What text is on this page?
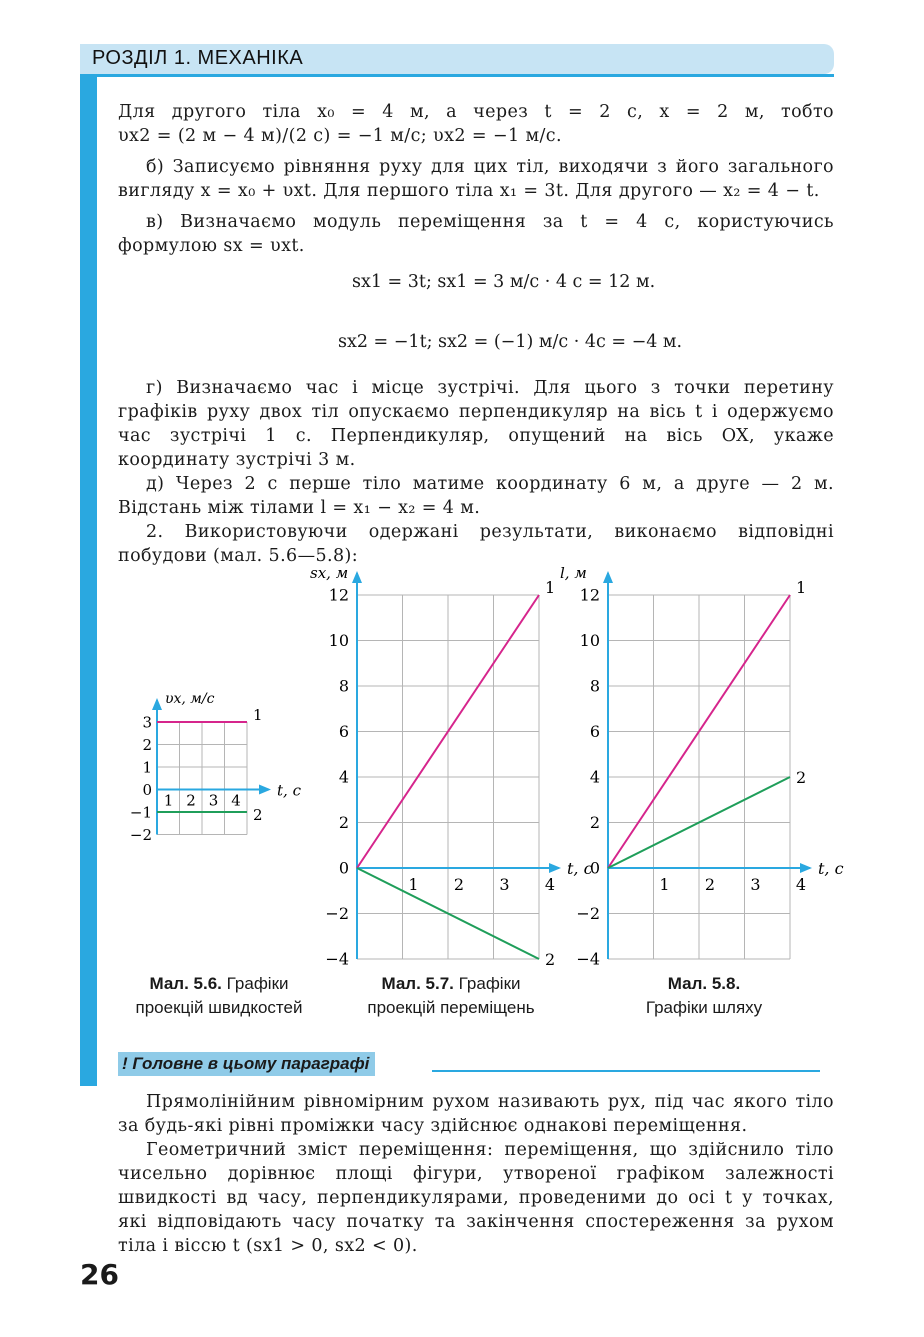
РОЗДІЛ 1. МЕХАНІКА

Для другого тіла x₀ = 4 м, а через t = 2 с, x = 2 м, тобто

υx2 = (2 м − 4 м)/(2 с) = −1 м/с; υx2 = −1 м/с.

б) Записуємо рівняння руху для цих тіл, виходячи з його загального вигляду x = x₀ + υxt. Для першого тіла x₁ = 3t. Для другого — x₂ = 4 − t.

в) Визначаємо модуль переміщення за t = 4 с, користуючись формулою sx = υxt.

sx1 = 3t; sx1 = 3 м/с · 4 с = 12 м.
sx2 = −1t; sx2 = (−1) м/с · 4с = −4 м.

г) Визначаємо час і місце зустрічі. Для цього з точки перетину графіків руху двох тіл опускаємо перпендикуляр на вісь t і одержуємо час зустрічі 1 с. Перпендикуляр, опущений на вісь OX, укаже координату зустрічі 3 м.

д) Через 2 с перше тіло матиме координату 6 м, а друге — 2 м. Відстань між тілами l = x₁ − x₂ = 4 м.

2. Використовуючи одержані результати, виконаємо відповідні побудови (мал. 5.6—5.8):

1
2
3
2
1
0
−1
−2
1 2 3 4
υx, м/с
t, с
1
2
12
10
8
6
4
2
0
−2
−4
1 2 3 4
sx, м
t, с
1
2
12
10
8
6
4
2
0
−2
−4
1 2 3 4
l, м
t, с
Мал. 5.6. Графіки
проекцій швидкостей
Мал. 5.7. Графіки
проекцій переміщень
Мал. 5.8.
Графіки шляху
! Головне в цьому параграфі

Прямолінійним рівномірним рухом називають рух, під час якого тіло за будь-які рівні проміжки часу здійснює однакові переміщення.

Геометричний зміст переміщення: переміщення, що здійснило тіло чисельно дорівнює площі фігури, утвореної графіком залежності швидкості вд часу, перпендикулярами, проведеними до осі t у точках, які відповідають часу початку та закінчення спостереження за рухом тіла і віссю t (sx1 > 0, sx2 < 0).

26
